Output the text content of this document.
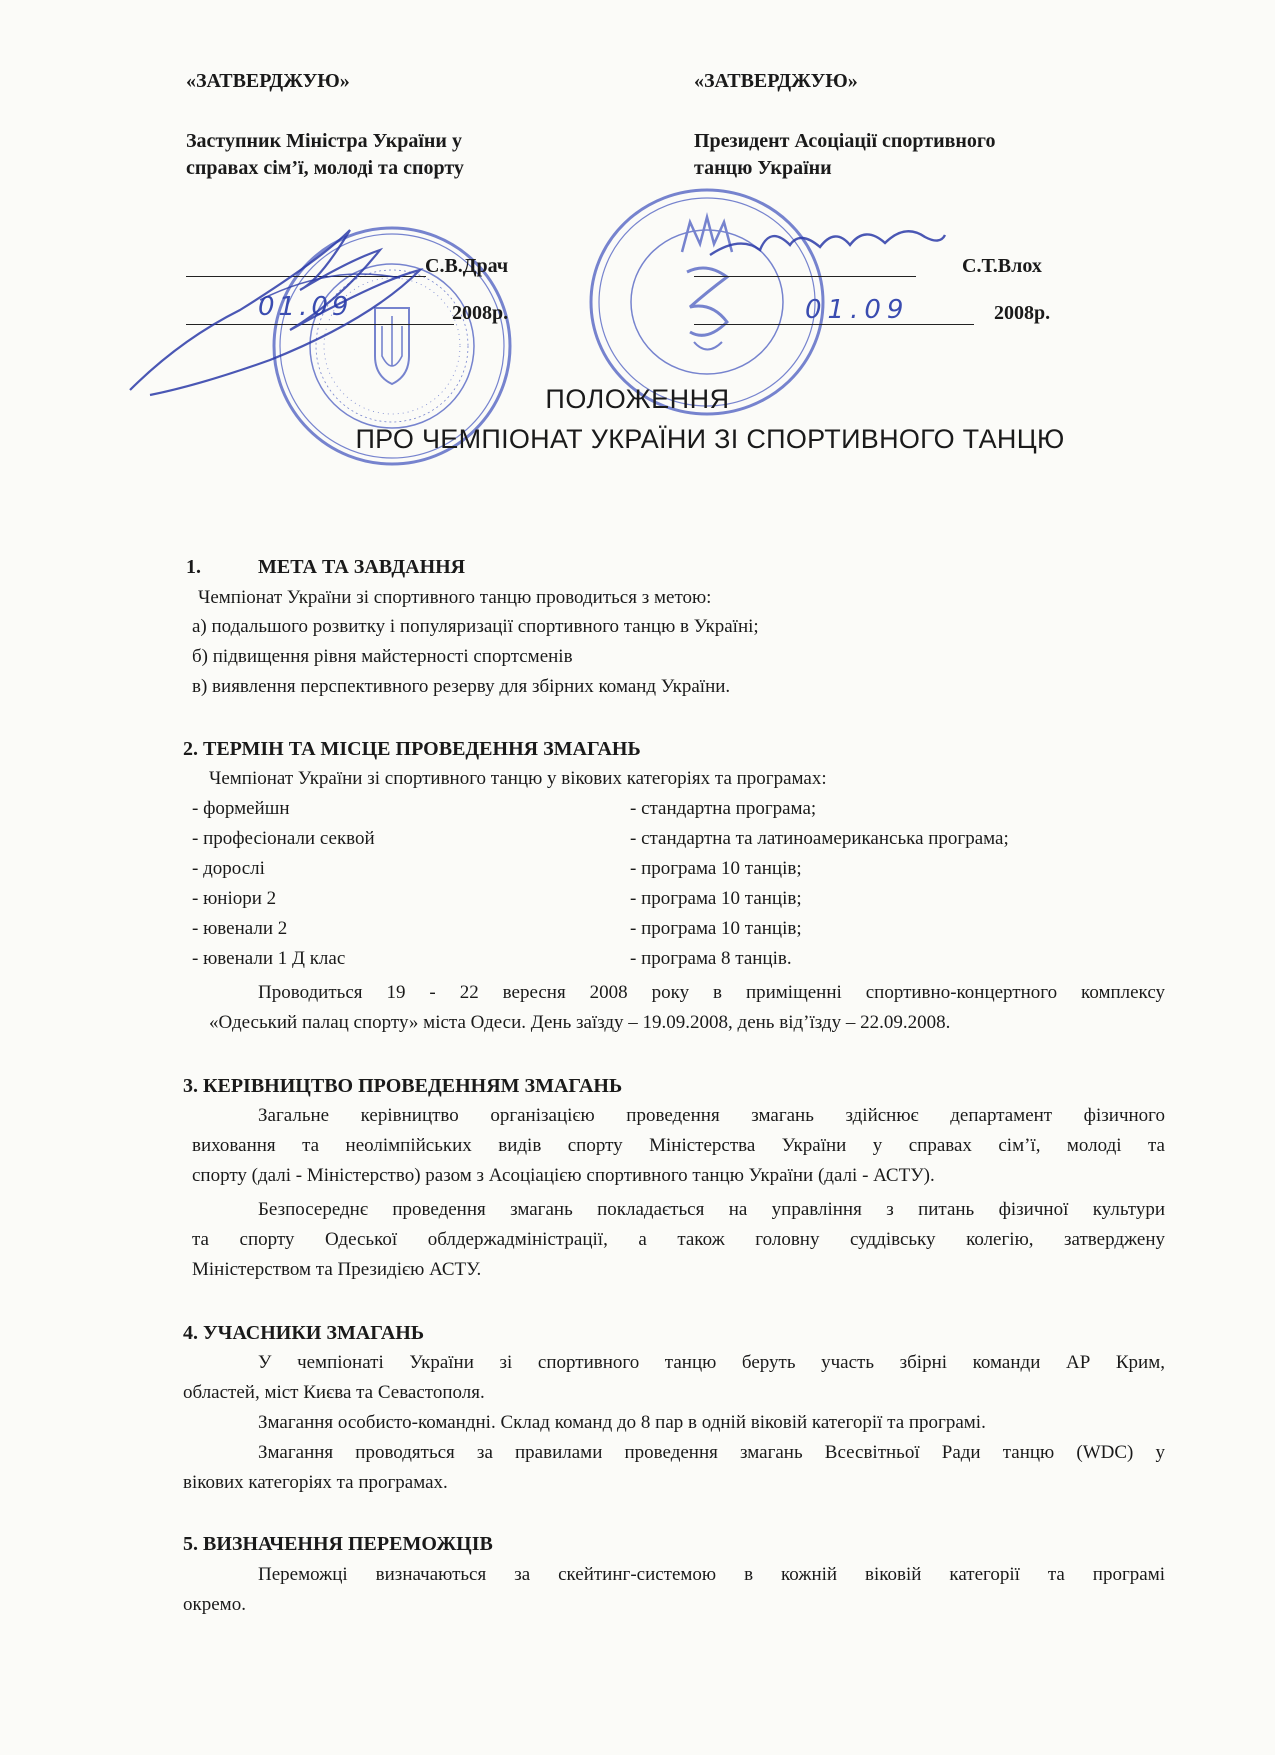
«ЗАТВЕРДЖУЮ»
Заступник Міністра України у
справах сім’ї, молоді та спорту
С.В.Драч
2008р.
«ЗАТВЕРДЖУЮ»
Президент Асоціації спортивного
танцю України
С.Т.Влох
2008р.
01.09	01.09
ПОЛОЖЕННЯ
ПРО ЧЕМПІОНАТ УКРАЇНИ ЗІ СПОРТИВНОГО ТАНЦЮ
1.	МЕТА ТА ЗАВДАННЯ
Чемпіонат України зі спортивного танцю проводиться з метою:
а) подальшого розвитку і популяризації спортивного танцю в Україні;
б) підвищення рівня майстерності спортсменів
в) виявлення перспективного резерву для збірних команд України.
2. ТЕРМІН ТА МІСЦЕ ПРОВЕДЕННЯ ЗМАГАНЬ
Чемпіонат України зі спортивного танцю у вікових категоріях та програмах:
- формейшн	- стандартна програма;
- професіонали секвой	- стандартна та латиноамериканська програма;
- дорослі	- програма 10 танців;
- юніори 2	- програма 10 танців;
- ювенали 2	- програма 10 танців;
- ювенали 1 Д клас	- програма 8 танців.
Проводиться 19 - 22 вересня 2008 року в приміщенні спортивно-концертного комплексу
«Одеський палац спорту» міста Одеси. День заїзду – 19.09.2008, день від’їзду – 22.09.2008.
3. КЕРІВНИЦТВО ПРОВЕДЕННЯМ ЗМАГАНЬ
Загальне керівництво організацією проведення змагань здійснює департамент фізичного
виховання та неолімпійських видів спорту Міністерства України у справах сім’ї, молоді та
спорту (далі - Міністерство) разом з Асоціацією спортивного танцю України (далі - АСТУ).
Безпосереднє проведення змагань покладається на управління з питань фізичної культури
та спорту Одеської облдержадміністрації, а також головну суддівську колегію, затверджену
Міністерством та Президією АСТУ.
4. УЧАСНИКИ ЗМАГАНЬ
У чемпіонаті України зі спортивного танцю беруть участь збірні команди АР Крим,
областей, міст Києва та Севастополя.
Змагання особисто-командні. Склад команд до 8 пар в одній віковій категорії та програмі.
Змагання проводяться за правилами проведення змагань Всесвітньої Ради танцю (WDC) у
вікових категоріях та програмах.
5. ВИЗНАЧЕННЯ ПЕРЕМОЖЦІВ
Переможці визначаються за скейтинг-системою в кожній віковій категорії та програмі
окремо.
